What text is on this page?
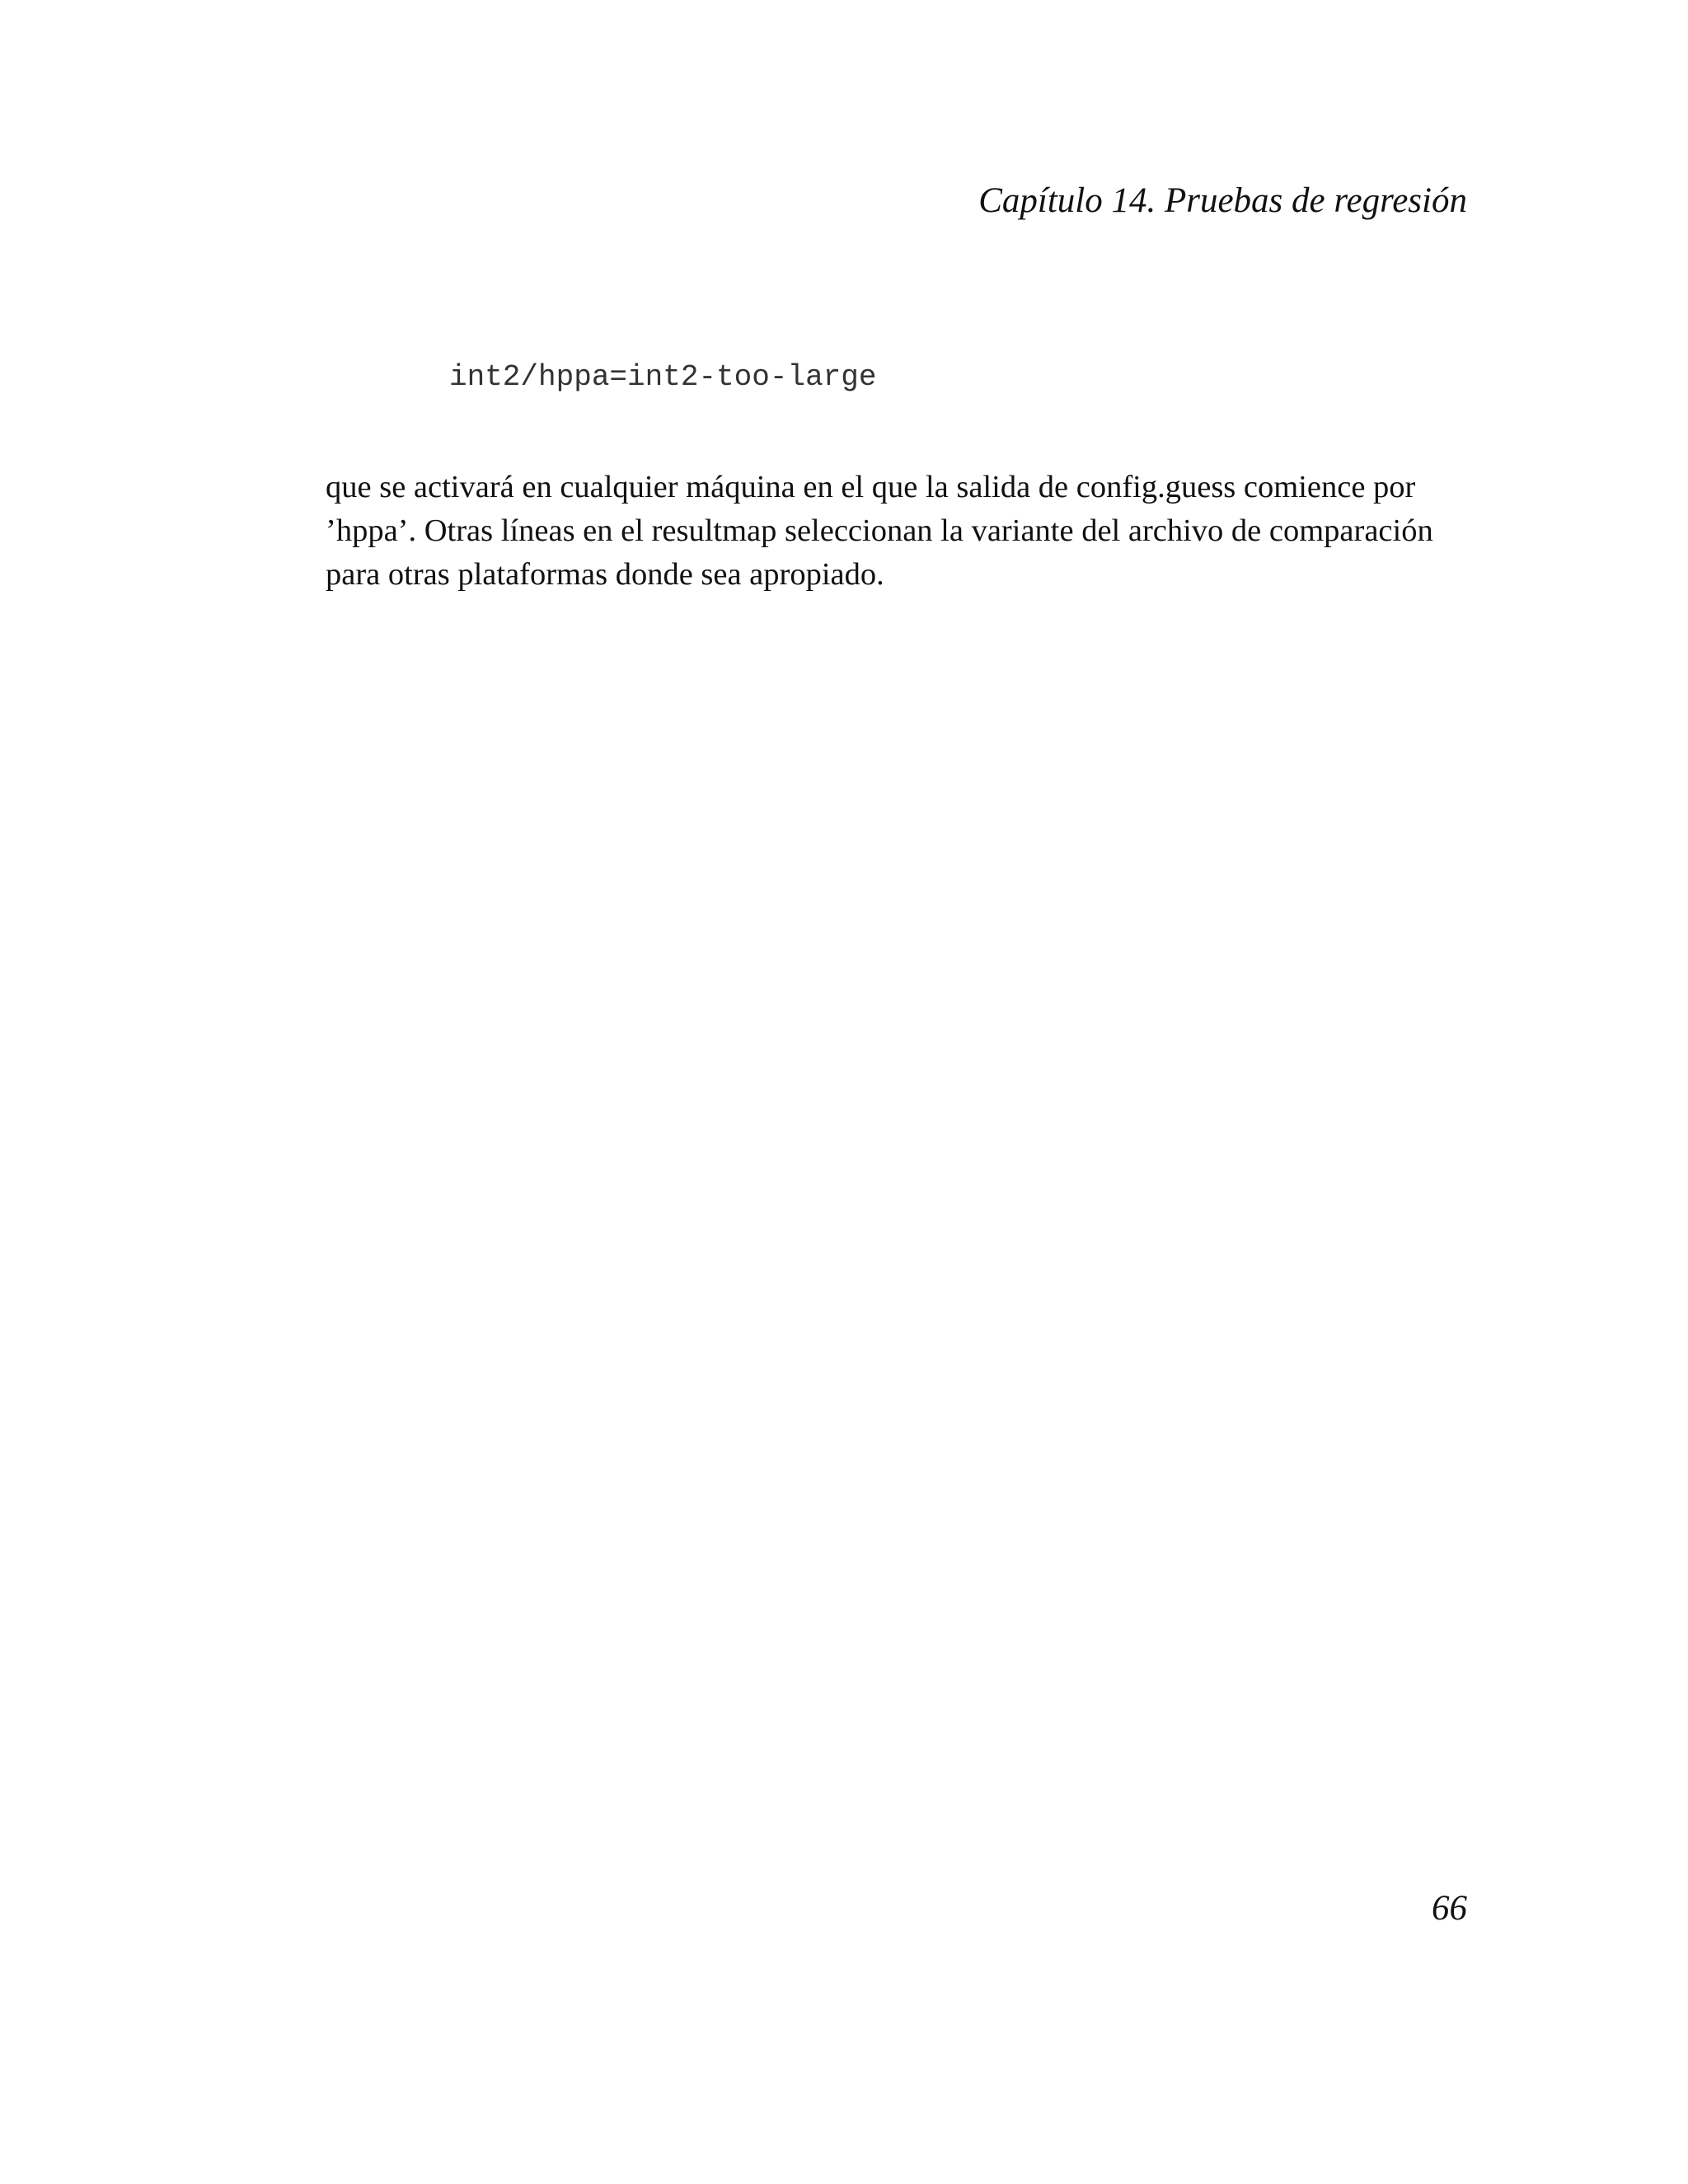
Capítulo 14. Pruebas de regresión
int2/hppa=int2-too-large
que se activará en cualquier máquina en el que la salida de config.guess comience por
’hppa’. Otras líneas en el resultmap seleccionan la variante del archivo de comparación
para otras plataformas donde sea apropiado.
66
